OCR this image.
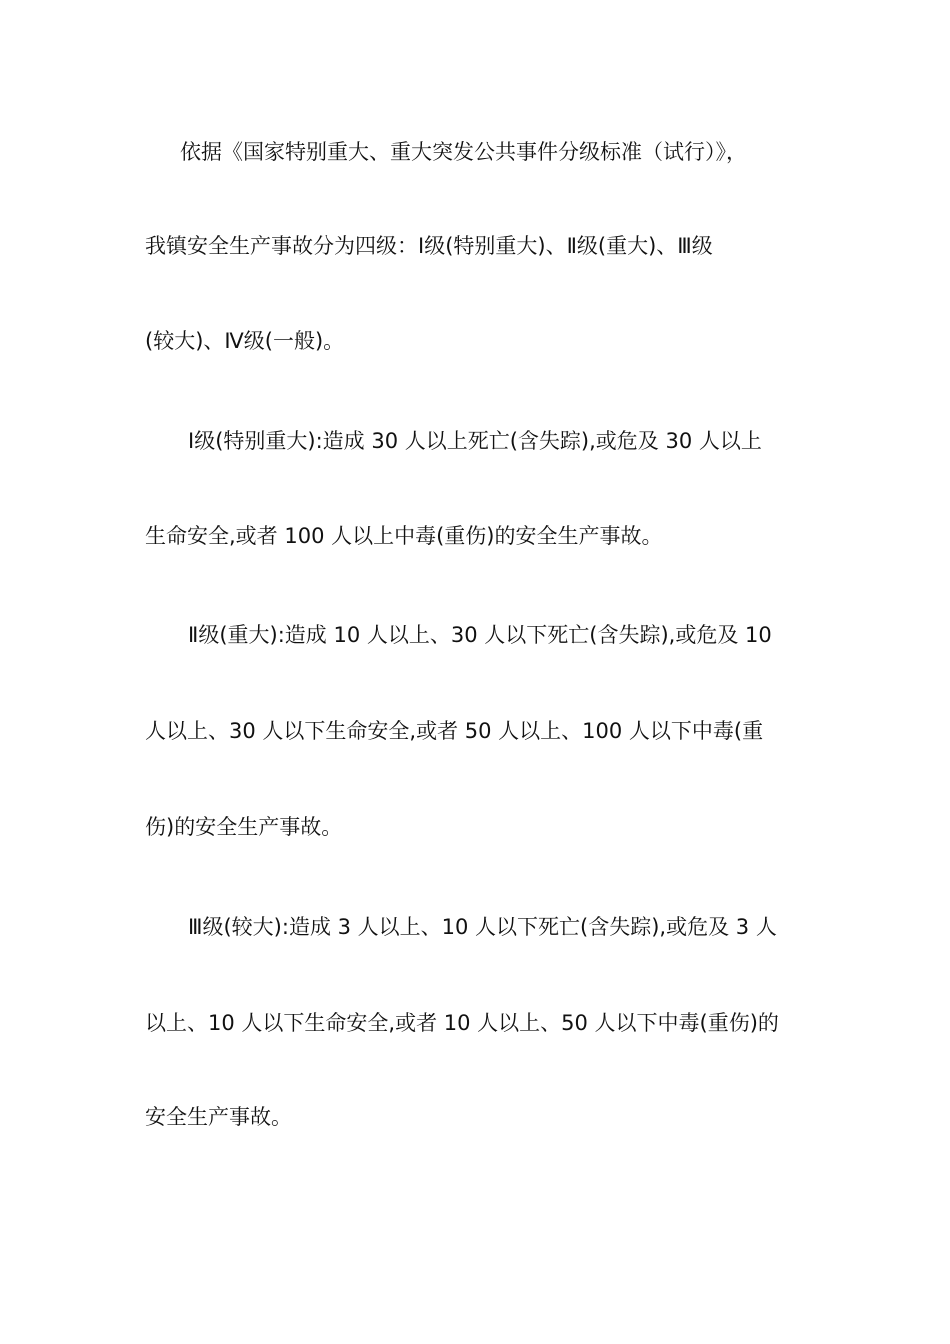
依据《国家特别重大、重大突发公共事件分级标准（试行）》，
我镇安全生产事故分为四级：Ⅰ级(特别重大)、Ⅱ级(重大)、Ⅲ级
(较大)、Ⅳ级(一般)。
Ⅰ级(特别重大):造成 30 人以上死亡(含失踪),或危及 30 人以上
生命安全,或者 100 人以上中毒(重伤)的安全生产事故。
Ⅱ级(重大):造成 10 人以上、30 人以下死亡(含失踪),或危及 10
人以上、30 人以下生命安全,或者 50 人以上、100 人以下中毒(重
伤)的安全生产事故。
Ⅲ级(较大):造成 3 人以上、10 人以下死亡(含失踪),或危及 3 人
以上、10 人以下生命安全,或者 10 人以上、50 人以下中毒(重伤)的
安全生产事故。
